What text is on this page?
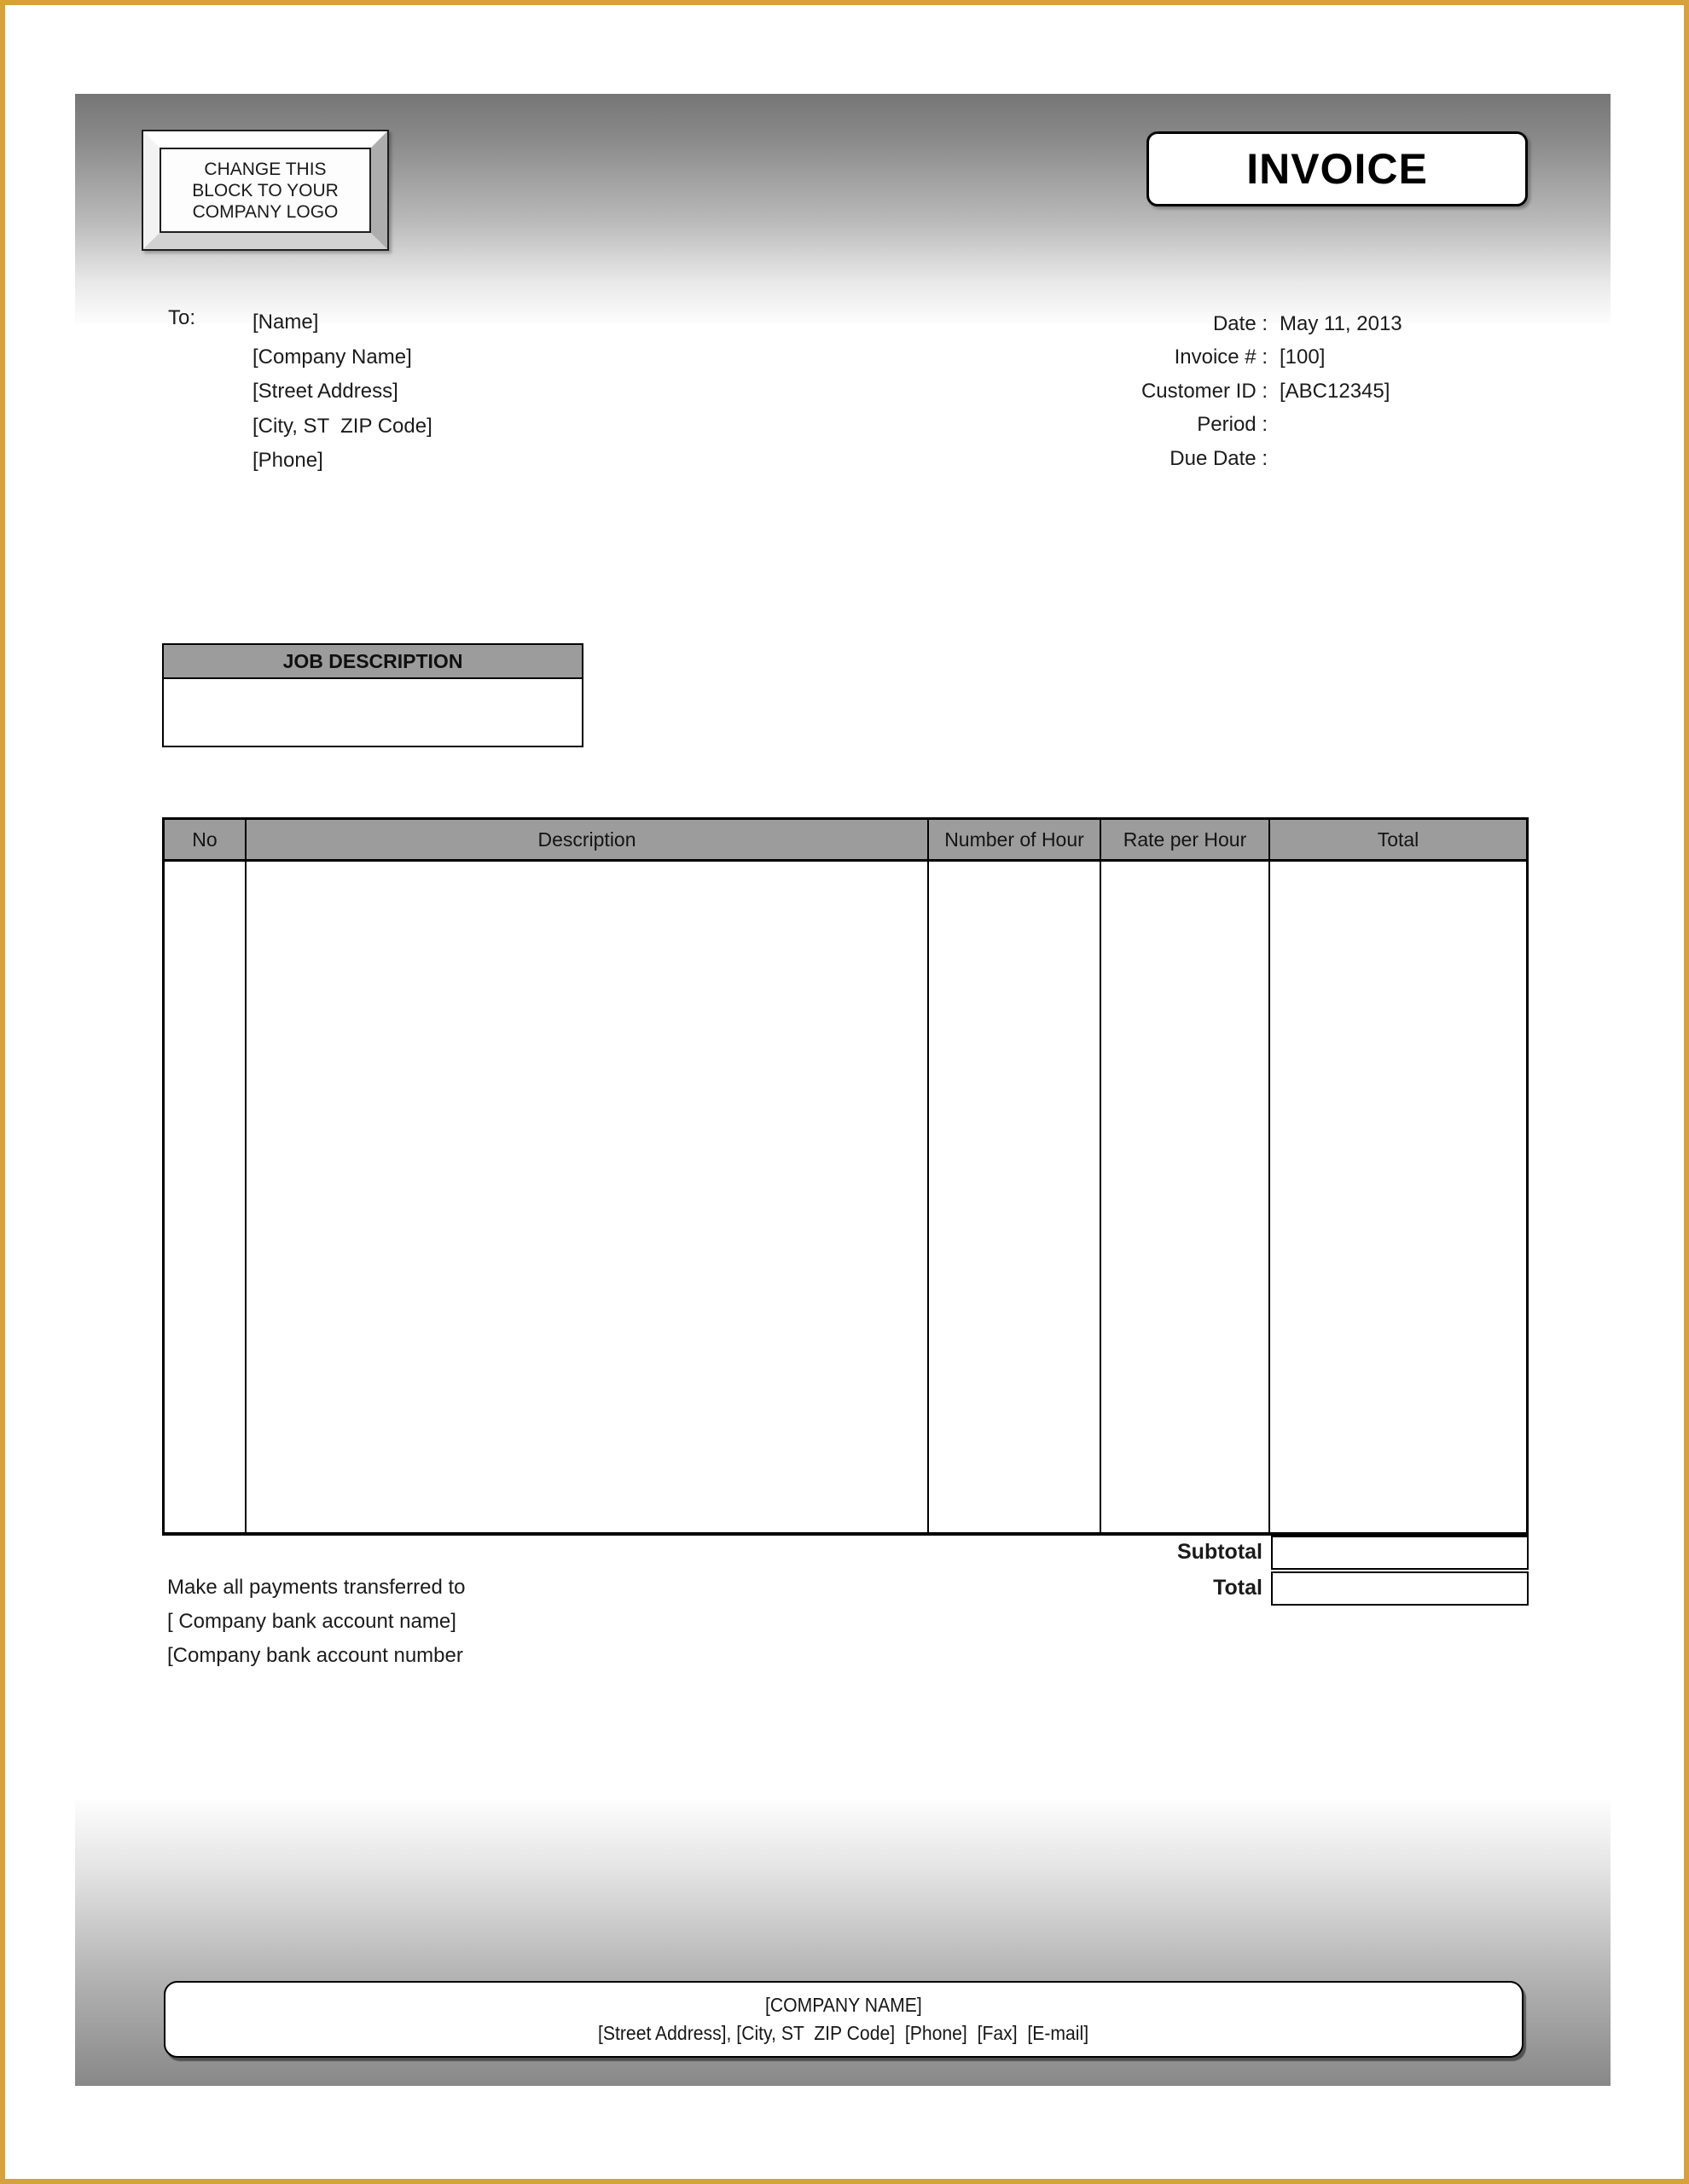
CHANGE THIS
BLOCK TO YOUR
COMPANY LOGO
INVOICE
To:	[Name]
[Company Name]
[Street Address]
[City, ST  ZIP Code]
[Phone]
Date : May 11, 2013
Invoice # : [100]
Customer ID : [ABC12345]
Period :
Due Date :
JOB DESCRIPTION
No	Description	Number of Hour	Rate per Hour	Total
Subtotal
Total
Make all payments transferred to
[ Company bank account name]
[Company bank account number
[COMPANY NAME]
[Street Address], [City, ST  ZIP Code]  [Phone]  [Fax]  [E-mail]
